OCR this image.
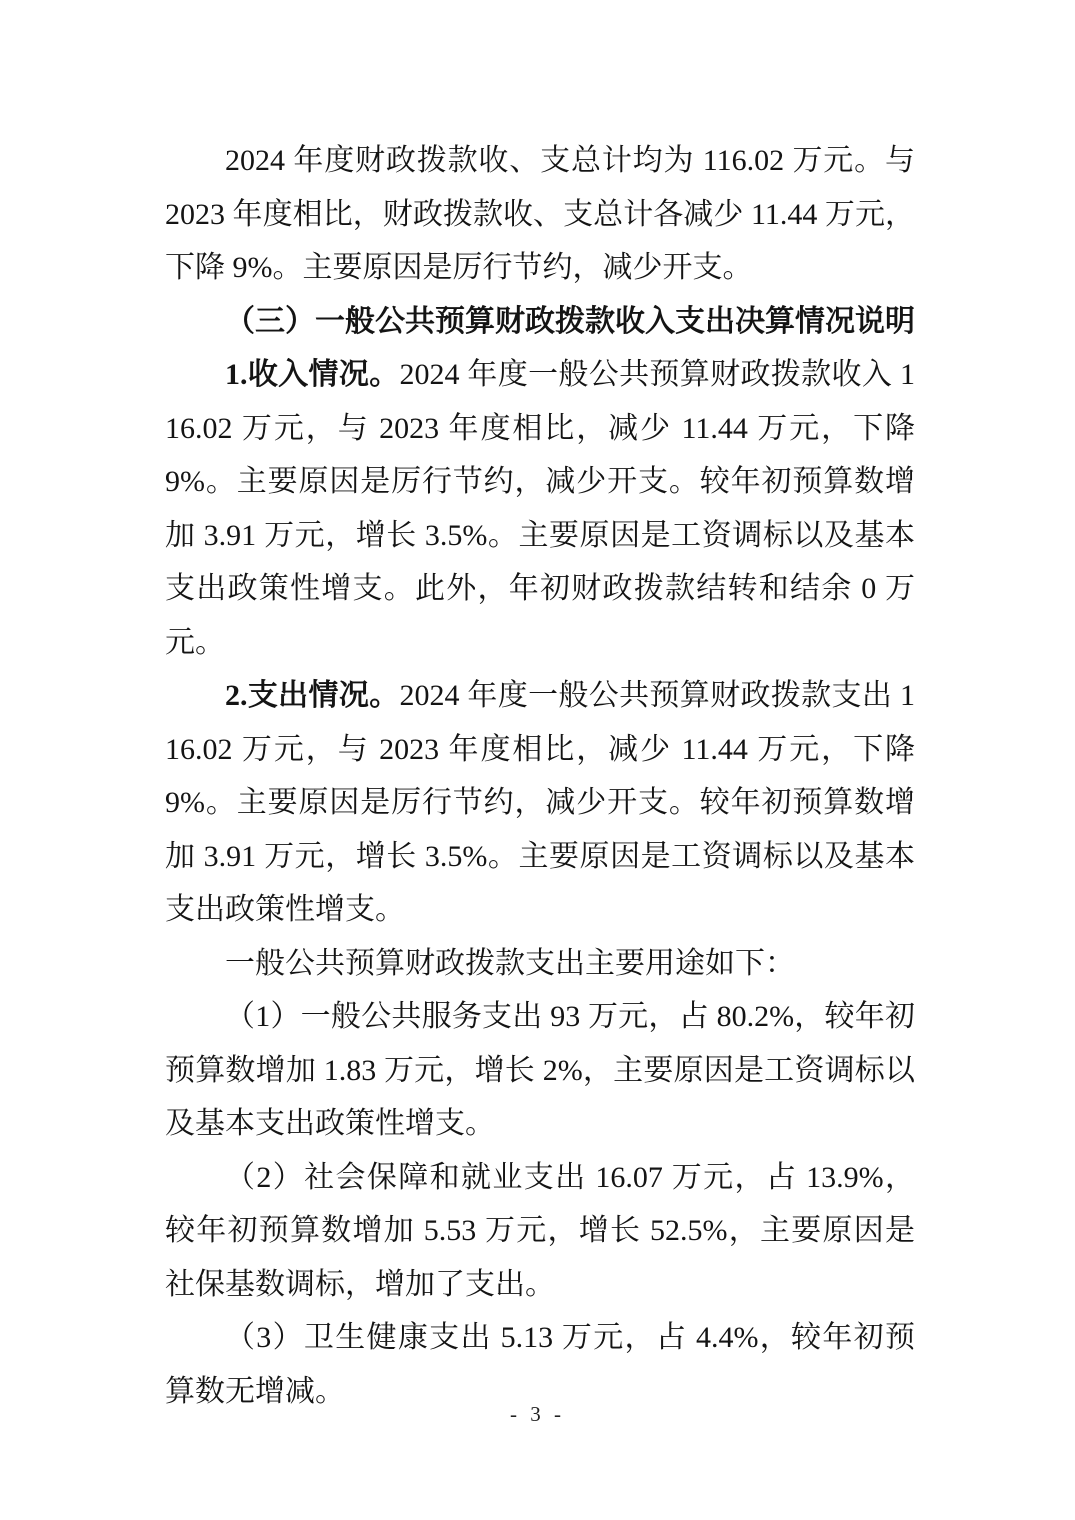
2024 年度财政拨款收、支总计均为 116.02 万元。与 2023 年度相比，财政拨款收、支总计各减少 11.44 万元，下降 9%。主要原因是厉行节约，减少开支。

（三）一般公共预算财政拨款收入支出决算情况说明

1.收入情况。2024 年度一般公共预算财政拨款收入 116.02 万元，与 2023 年度相比，减少 11.44 万元，下降 9%。主要原因是厉行节约，减少开支。较年初预算数增加 3.91 万元，增长 3.5%。主要原因是工资调标以及基本支出政策性增支。此外，年初财政拨款结转和结余 0 万元。

2.支出情况。2024 年度一般公共预算财政拨款支出 116.02 万元，与 2023 年度相比，减少 11.44 万元，下降 9%。主要原因是厉行节约，减少开支。较年初预算数增加 3.91 万元，增长 3.5%。主要原因是工资调标以及基本支出政策性增支。

一般公共预算财政拨款支出主要用途如下：

（1）一般公共服务支出 93 万元，占 80.2%，较年初预算数增加 1.83 万元，增长 2%，主要原因是工资调标以及基本支出政策性增支。

（2）社会保障和就业支出 16.07 万元，占 13.9%，较年初预算数增加 5.53 万元，增长 52.5%，主要原因是社保基数调标，增加了支出。

（3）卫生健康支出 5.13 万元，占 4.4%，较年初预算数无增减。

- 3 -
